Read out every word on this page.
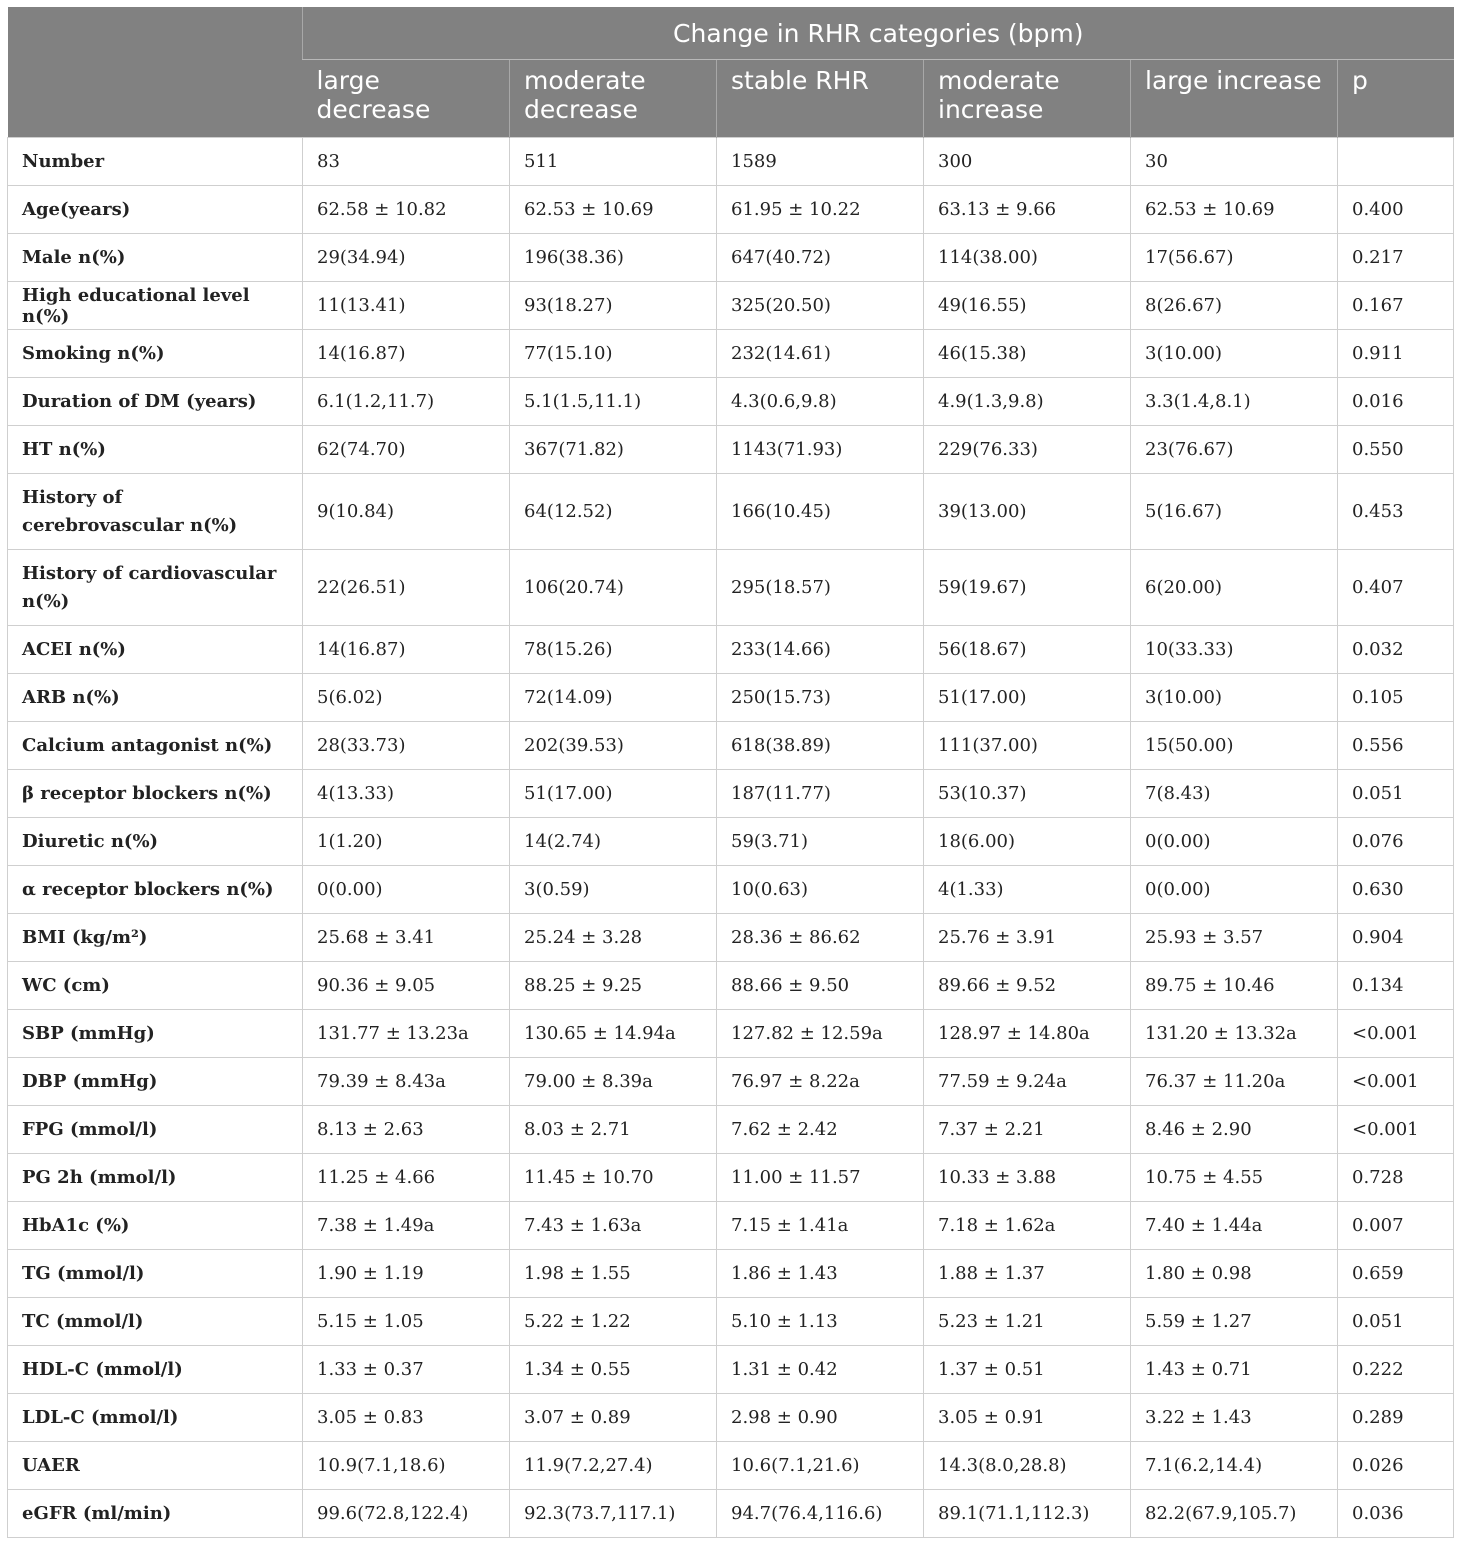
	Change in RHR categories (bpm)					
	large decrease	moderate decrease	stable RHR	moderate increase	large increase	p
Number	83	511	1589	300	30	
Age(years)	62.58 ± 10.82	62.53 ± 10.69	61.95 ± 10.22	63.13 ± 9.66	62.53 ± 10.69	0.400
Male n(%)	29(34.94)	196(38.36)	647(40.72)	114(38.00)	17(56.67)	0.217
High educational level n(%)	11(13.41)	93(18.27)	325(20.50)	49(16.55)	8(26.67)	0.167
Smoking n(%)	14(16.87)	77(15.10)	232(14.61)	46(15.38)	3(10.00)	0.911
Duration of DM (years)	6.1(1.2,11.7)	5.1(1.5,11.1)	4.3(0.6,9.8)	4.9(1.3,9.8)	3.3(1.4,8.1)	0.016
HT n(%)	62(74.70)	367(71.82)	1143(71.93)	229(76.33)	23(76.67)	0.550
History of cerebrovascular n(%)	9(10.84)	64(12.52)	166(10.45)	39(13.00)	5(16.67)	0.453
History of cardiovascular n(%)	22(26.51)	106(20.74)	295(18.57)	59(19.67)	6(20.00)	0.407
ACEI n(%)	14(16.87)	78(15.26)	233(14.66)	56(18.67)	10(33.33)	0.032
ARB n(%)	5(6.02)	72(14.09)	250(15.73)	51(17.00)	3(10.00)	0.105
Calcium antagonist n(%)	28(33.73)	202(39.53)	618(38.89)	111(37.00)	15(50.00)	0.556
β receptor blockers n(%)	4(13.33)	51(17.00)	187(11.77)	53(10.37)	7(8.43)	0.051
Diuretic n(%)	1(1.20)	14(2.74)	59(3.71)	18(6.00)	0(0.00)	0.076
α receptor blockers n(%)	0(0.00)	3(0.59)	10(0.63)	4(1.33)	0(0.00)	0.630
BMI (kg/m²)	25.68 ± 3.41	25.24 ± 3.28	28.36 ± 86.62	25.76 ± 3.91	25.93 ± 3.57	0.904
WC (cm)	90.36 ± 9.05	88.25 ± 9.25	88.66 ± 9.50	89.66 ± 9.52	89.75 ± 10.46	0.134
SBP (mmHg)	131.77 ± 13.23a	130.65 ± 14.94a	127.82 ± 12.59a	128.97 ± 14.80a	131.20 ± 13.32a	<0.001
DBP (mmHg)	79.39 ± 8.43a	79.00 ± 8.39a	76.97 ± 8.22a	77.59 ± 9.24a	76.37 ± 11.20a	<0.001
FPG (mmol/l)	8.13 ± 2.63	8.03 ± 2.71	7.62 ± 2.42	7.37 ± 2.21	8.46 ± 2.90	<0.001
PG 2h (mmol/l)	11.25 ± 4.66	11.45 ± 10.70	11.00 ± 11.57	10.33 ± 3.88	10.75 ± 4.55	0.728
HbA1c (%)	7.38 ± 1.49a	7.43 ± 1.63a	7.15 ± 1.41a	7.18 ± 1.62a	7.40 ± 1.44a	0.007
TG (mmol/l)	1.90 ± 1.19	1.98 ± 1.55	1.86 ± 1.43	1.88 ± 1.37	1.80 ± 0.98	0.659
TC (mmol/l)	5.15 ± 1.05	5.22 ± 1.22	5.10 ± 1.13	5.23 ± 1.21	5.59 ± 1.27	0.051
HDL-C (mmol/l)	1.33 ± 0.37	1.34 ± 0.55	1.31 ± 0.42	1.37 ± 0.51	1.43 ± 0.71	0.222
LDL-C (mmol/l)	3.05 ± 0.83	3.07 ± 0.89	2.98 ± 0.90	3.05 ± 0.91	3.22 ± 1.43	0.289
UAER	10.9(7.1,18.6)	11.9(7.2,27.4)	10.6(7.1,21.6)	14.3(8.0,28.8)	7.1(6.2,14.4)	0.026
eGFR (ml/min)	99.6(72.8,122.4)	92.3(73.7,117.1)	94.7(76.4,116.6)	89.1(71.1,112.3)	82.2(67.9,105.7)	0.036
